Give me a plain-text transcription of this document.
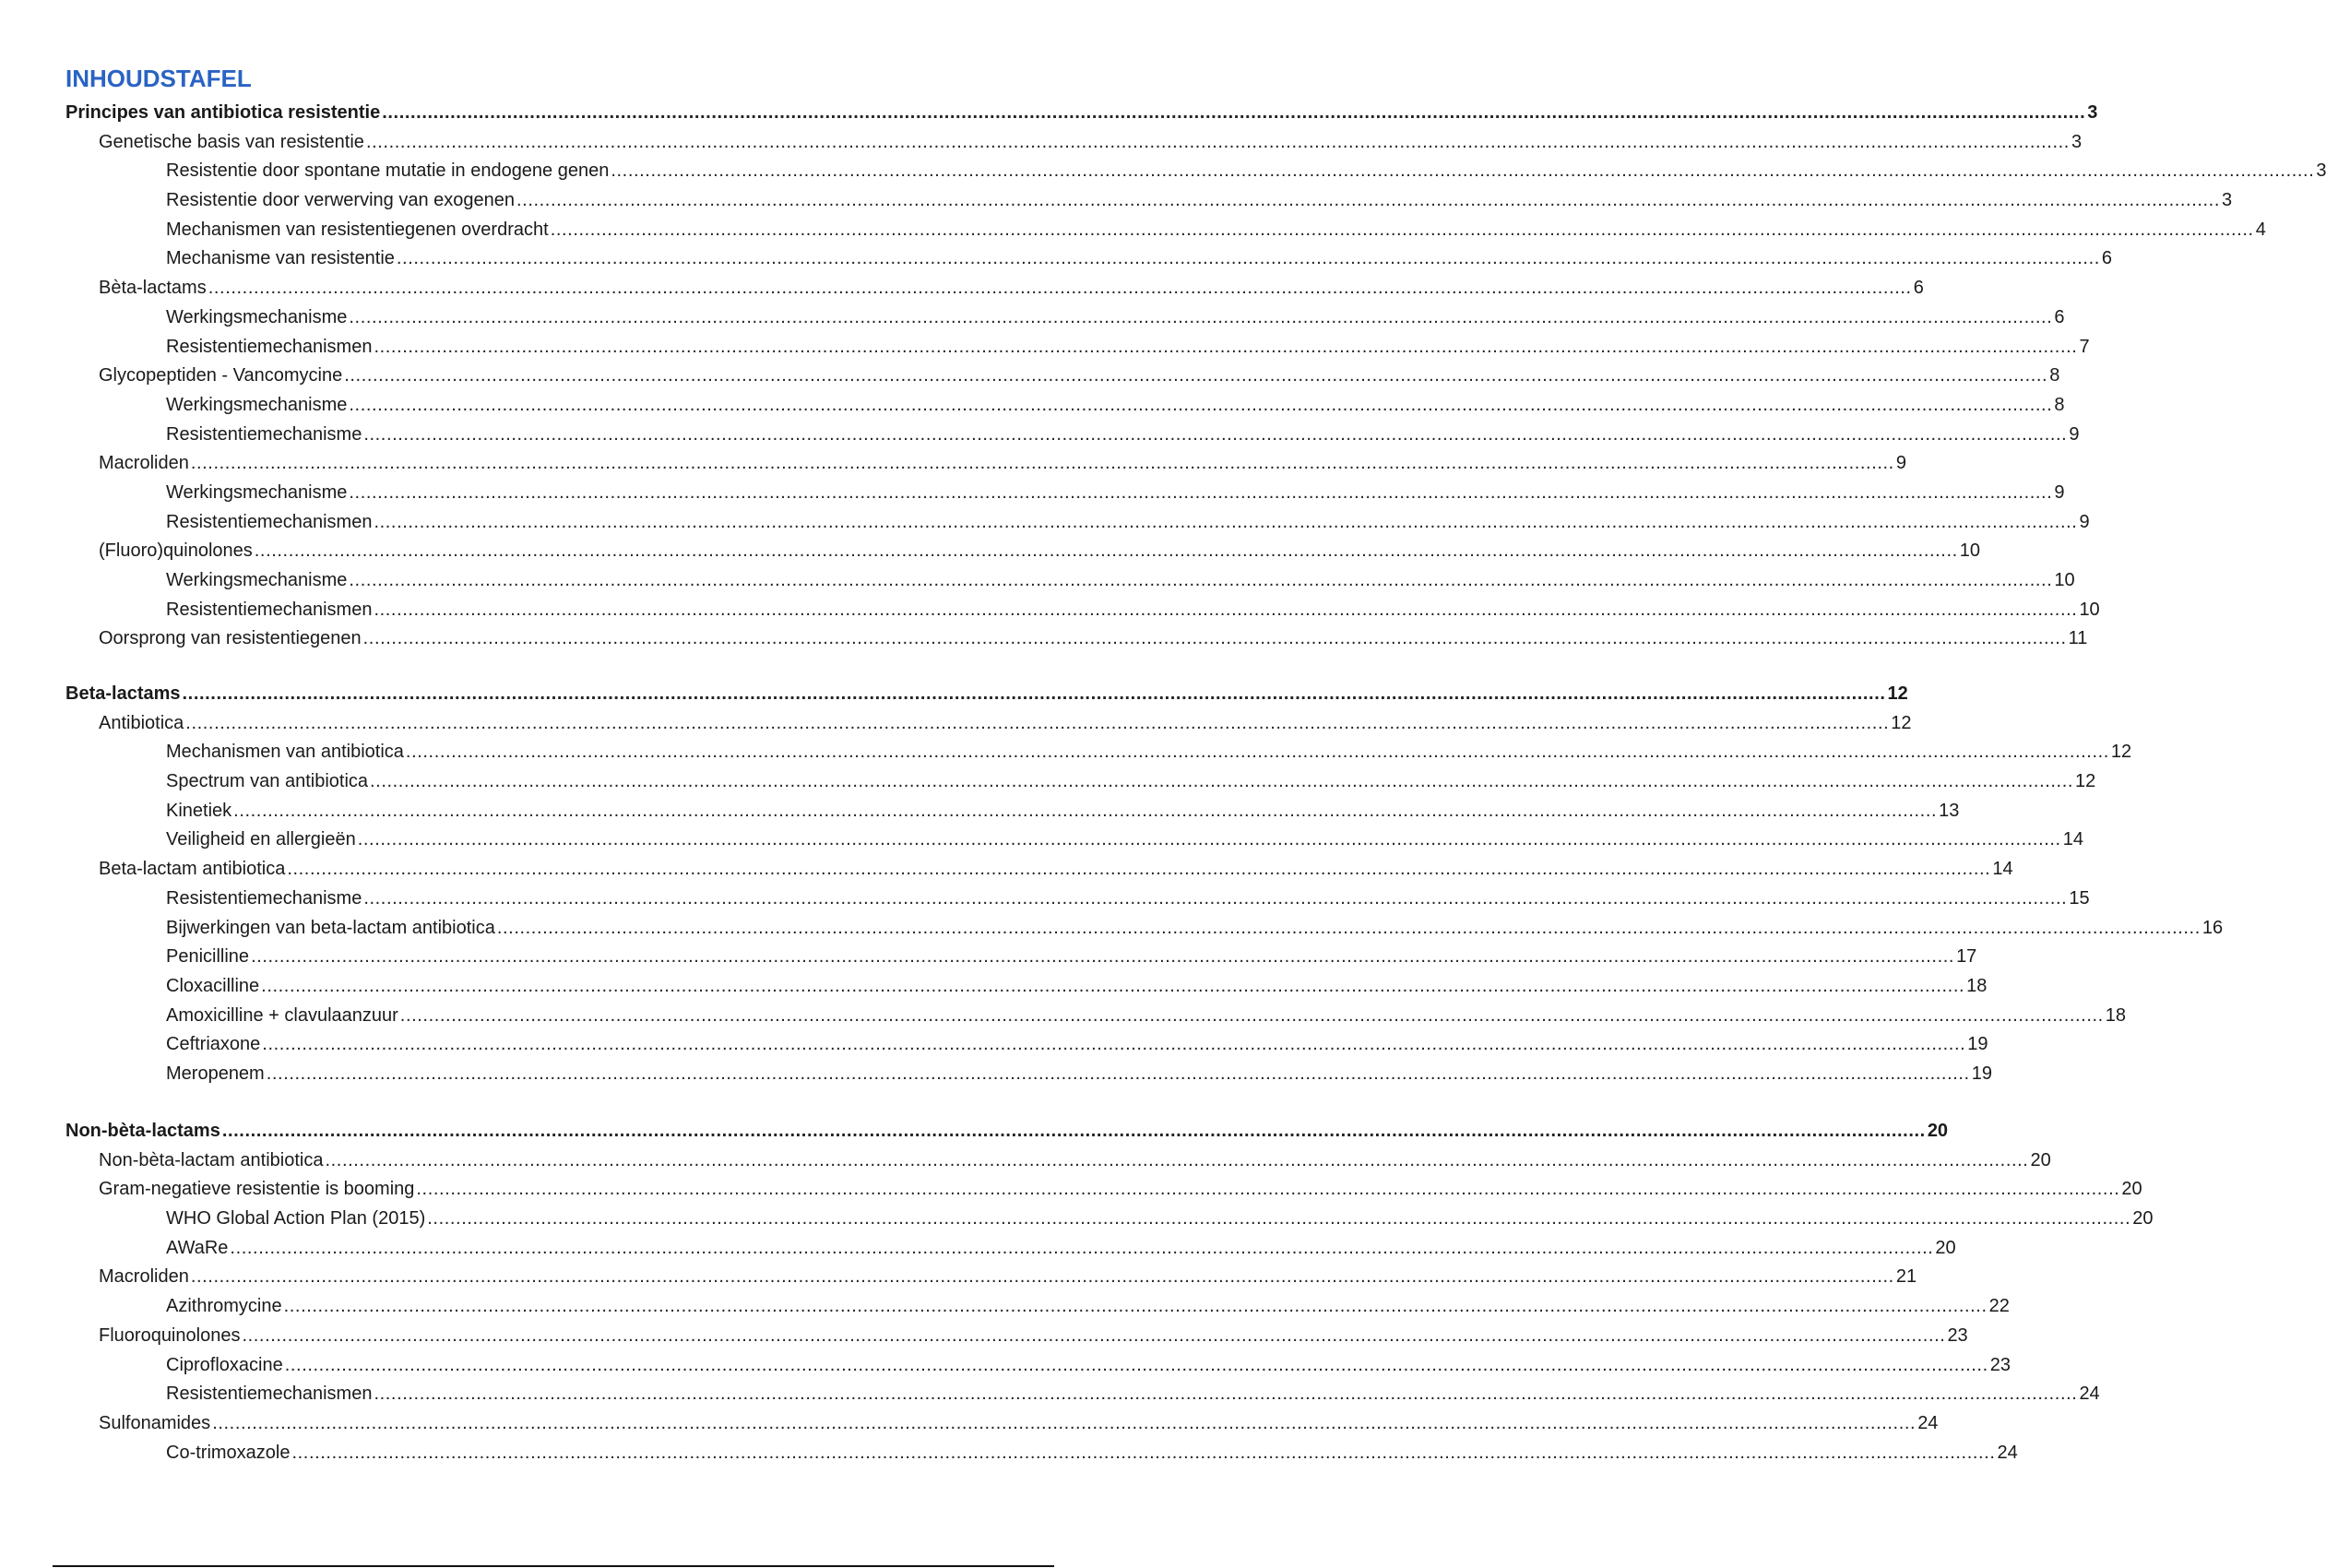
INHOUDSTAFEL
Principes van antibiotica resistentie ............................................................................................................................................................................................................................................................................................................ 3
Genetische basis van resistentie ............................................................................................................................................................................................................................................................................................................ 3
Resistentie door spontane mutatie in endogene genen ............................................................................................................................................................................................................................................................................................................ 3
Resistentie door verwerving van exogenen ............................................................................................................................................................................................................................................................................................................ 3
Mechanismen van resistentiegenen overdracht ............................................................................................................................................................................................................................................................................................................ 4
Mechanisme van resistentie ............................................................................................................................................................................................................................................................................................................ 6
Bèta-lactams ............................................................................................................................................................................................................................................................................................................ 6
Werkingsmechanisme ............................................................................................................................................................................................................................................................................................................ 6
Resistentiemechanismen ............................................................................................................................................................................................................................................................................................................ 7
Glycopeptiden - Vancomycine ............................................................................................................................................................................................................................................................................................................ 8
Werkingsmechanisme ............................................................................................................................................................................................................................................................................................................ 8
Resistentiemechanisme ............................................................................................................................................................................................................................................................................................................ 9
Macroliden ............................................................................................................................................................................................................................................................................................................ 9
Werkingsmechanisme ............................................................................................................................................................................................................................................................................................................ 9
Resistentiemechanismen ............................................................................................................................................................................................................................................................................................................ 9
(Fluoro)quinolones ............................................................................................................................................................................................................................................................................................................ 10
Werkingsmechanisme ............................................................................................................................................................................................................................................................................................................ 10
Resistentiemechanismen ............................................................................................................................................................................................................................................................................................................ 10
Oorsprong van resistentiegenen ............................................................................................................................................................................................................................................................................................................ 11
Beta-lactams ............................................................................................................................................................................................................................................................................................................ 12
Antibiotica ............................................................................................................................................................................................................................................................................................................ 12
Mechanismen van antibiotica ............................................................................................................................................................................................................................................................................................................ 12
Spectrum van antibiotica ............................................................................................................................................................................................................................................................................................................ 12
Kinetiek ............................................................................................................................................................................................................................................................................................................ 13
Veiligheid en allergieën ............................................................................................................................................................................................................................................................................................................ 14
Beta-lactam antibiotica ............................................................................................................................................................................................................................................................................................................ 14
Resistentiemechanisme ............................................................................................................................................................................................................................................................................................................ 15
Bijwerkingen van beta-lactam antibiotica ............................................................................................................................................................................................................................................................................................................ 16
Penicilline ............................................................................................................................................................................................................................................................................................................ 17
Cloxacilline ............................................................................................................................................................................................................................................................................................................ 18
Amoxicilline + clavulaanzuur ............................................................................................................................................................................................................................................................................................................ 18
Ceftriaxone ............................................................................................................................................................................................................................................................................................................ 19
Meropenem ............................................................................................................................................................................................................................................................................................................ 19
Non-bèta-lactams ............................................................................................................................................................................................................................................................................................................ 20
Non-bèta-lactam antibiotica ............................................................................................................................................................................................................................................................................................................ 20
Gram-negatieve resistentie is booming ............................................................................................................................................................................................................................................................................................................ 20
WHO Global Action Plan (2015) ............................................................................................................................................................................................................................................................................................................ 20
AWaRe ............................................................................................................................................................................................................................................................................................................ 20
Macroliden ............................................................................................................................................................................................................................................................................................................ 21
Azithromycine ............................................................................................................................................................................................................................................................................................................ 22
Fluoroquinolones ............................................................................................................................................................................................................................................................................................................ 23
Ciprofloxacine ............................................................................................................................................................................................................................................................................................................ 23
Resistentiemechanismen ............................................................................................................................................................................................................................................................................................................ 24
Sulfonamides ............................................................................................................................................................................................................................................................................................................ 24
Co-trimoxazole ............................................................................................................................................................................................................................................................................................................ 24
